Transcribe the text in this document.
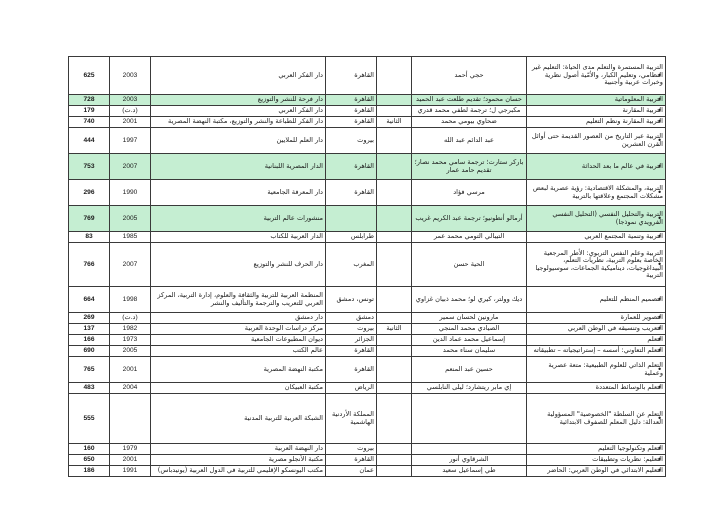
625	2003	دار الفكر العربي	القاهرة		حجي أحمد	التربية المستمرة والتعلم مدى الحياة: التعليم غير النظامي، وتعليم الكبار، والأمّية أصول نظرية وخبرات عربية وأجنبية •
728	2003	دار فرحة للنشر والتوزيع	القاهرة		حسان محمود؛ تقديم طلعت عبد الحميد	التربية المعلوماتية •
179	(د.ت)	دار الفكر العربي	القاهرة		مكبرجي ل؛ ترجمة لطفي محمد قدري	التربية المقارنة •
740	2001	دار الفكر للطباعة والنشر والتوزيع، مكتبة النهضة المصرية	القاهرة	الثانية	ضحاوي بيومي محمد	التربية المقارنة ونظم التعليم •
444	1997	دار العلم للملايين	بيروت		عبد الدائم عبد الله	التربية عبر التاريخ من العصور القديمة حتى أوائل القرن العشرين •
753	2007	الدار المصرية اللبنانية	القاهرة		باركر ستارت؛ ترجمة سامي محمد نصار؛ تقديم حامد عمار	التربية في عالم ما بعد الحداثة •
296	1990	دار المعرفة الجامعية	القاهرة		مرسي فؤاد	التربية، والمشكلة الاقتصادية: رؤية عصرية لبعض مشكلات المجتمع وعلاقتها بالتربية •
769	2005	منشورات عالم التربية			أرمالو أنطونيو؛ ترجمة عبد الكريم غريب	التربية والتحليل النفسي (التحليل النفسي الفرويدي نموذجا) •
83	1985	الدار العربية للكتاب	طرابلس		التيبالي التومي محمد عمر	التربية وتنمية المجتمع العربي •
766	2007	دار الحرف للنشر والتوزيع	المغرب		الحية حسن	التربية وعلم النفس التربوي: الأطر المرجعية الخاصة بعلوم التربية، نظريات التعلم، البيداغوجيات، ديناميكية الجماعات، سوسيولوجيا التربية •
664	1998	المنظمة العربية للتربية والثقافة والعلوم، إدارة التربية، المركز العربي للتعريب والترجمة والتأليف والنشر	تونس، دمشق		ديك وولتر، كيري لو؛ محمد ذبيان غزاوي	التصميم المنظم للتعليم •
269	(د.ت)	دار دمشق	دمشق		مارونين لحسان سمير	التصوير للعمارة •
137	1982	مركز دراسات الوحدة العربية	بيروت	الثانية	الصيادي محمد المنجي	التعريب وتنسيقه في الوطن العربي •
166	1973	ديوان المطبوعات الجامعية	الجزائر		إسماعيل محمد عماد الدين	التعلم •
690	2005	عالم الكتب	القاهرة		سليمان سناء محمد	التعلم التعاوني: أسسه – إستراتيجياته – تطبيقاته •
765	2001	مكتبة النهضة المصرية	القاهرة		حسين عبد المنعم	التعلم الذاتي للعلوم الطبيعية: متعة عصرية وعملية •
483	2004	مكتبة العبيكان	الرياض		إي مابر ريتشارد؛ ليلى النابلسي	التعلم بالوسائط المتعددة •
555		الشبكة العربية للتربية المدنية	المملكة الأردنية الهاشمية			التعلم عن السلطة "الخصوصية" المسؤولية العدالة: دليل المعلم للصفوف الابتدائية •
160	1979	دار النهضة العربية	بيروت			التعلم وتكنولوجيا التعليم •
650	2001	مكتبة الأنجلو مصرية	القاهرة		الشرقاوي أنور	التعليم: نظريات وتطبيقات •
186	1991	مكتب اليونسكو الإقليمي للتربية في الدول العربية (يونيدباس)	عمان		طي إسماعيل سعيد	التعليم الابتدائي في الوطن العربي: الحاضر •
